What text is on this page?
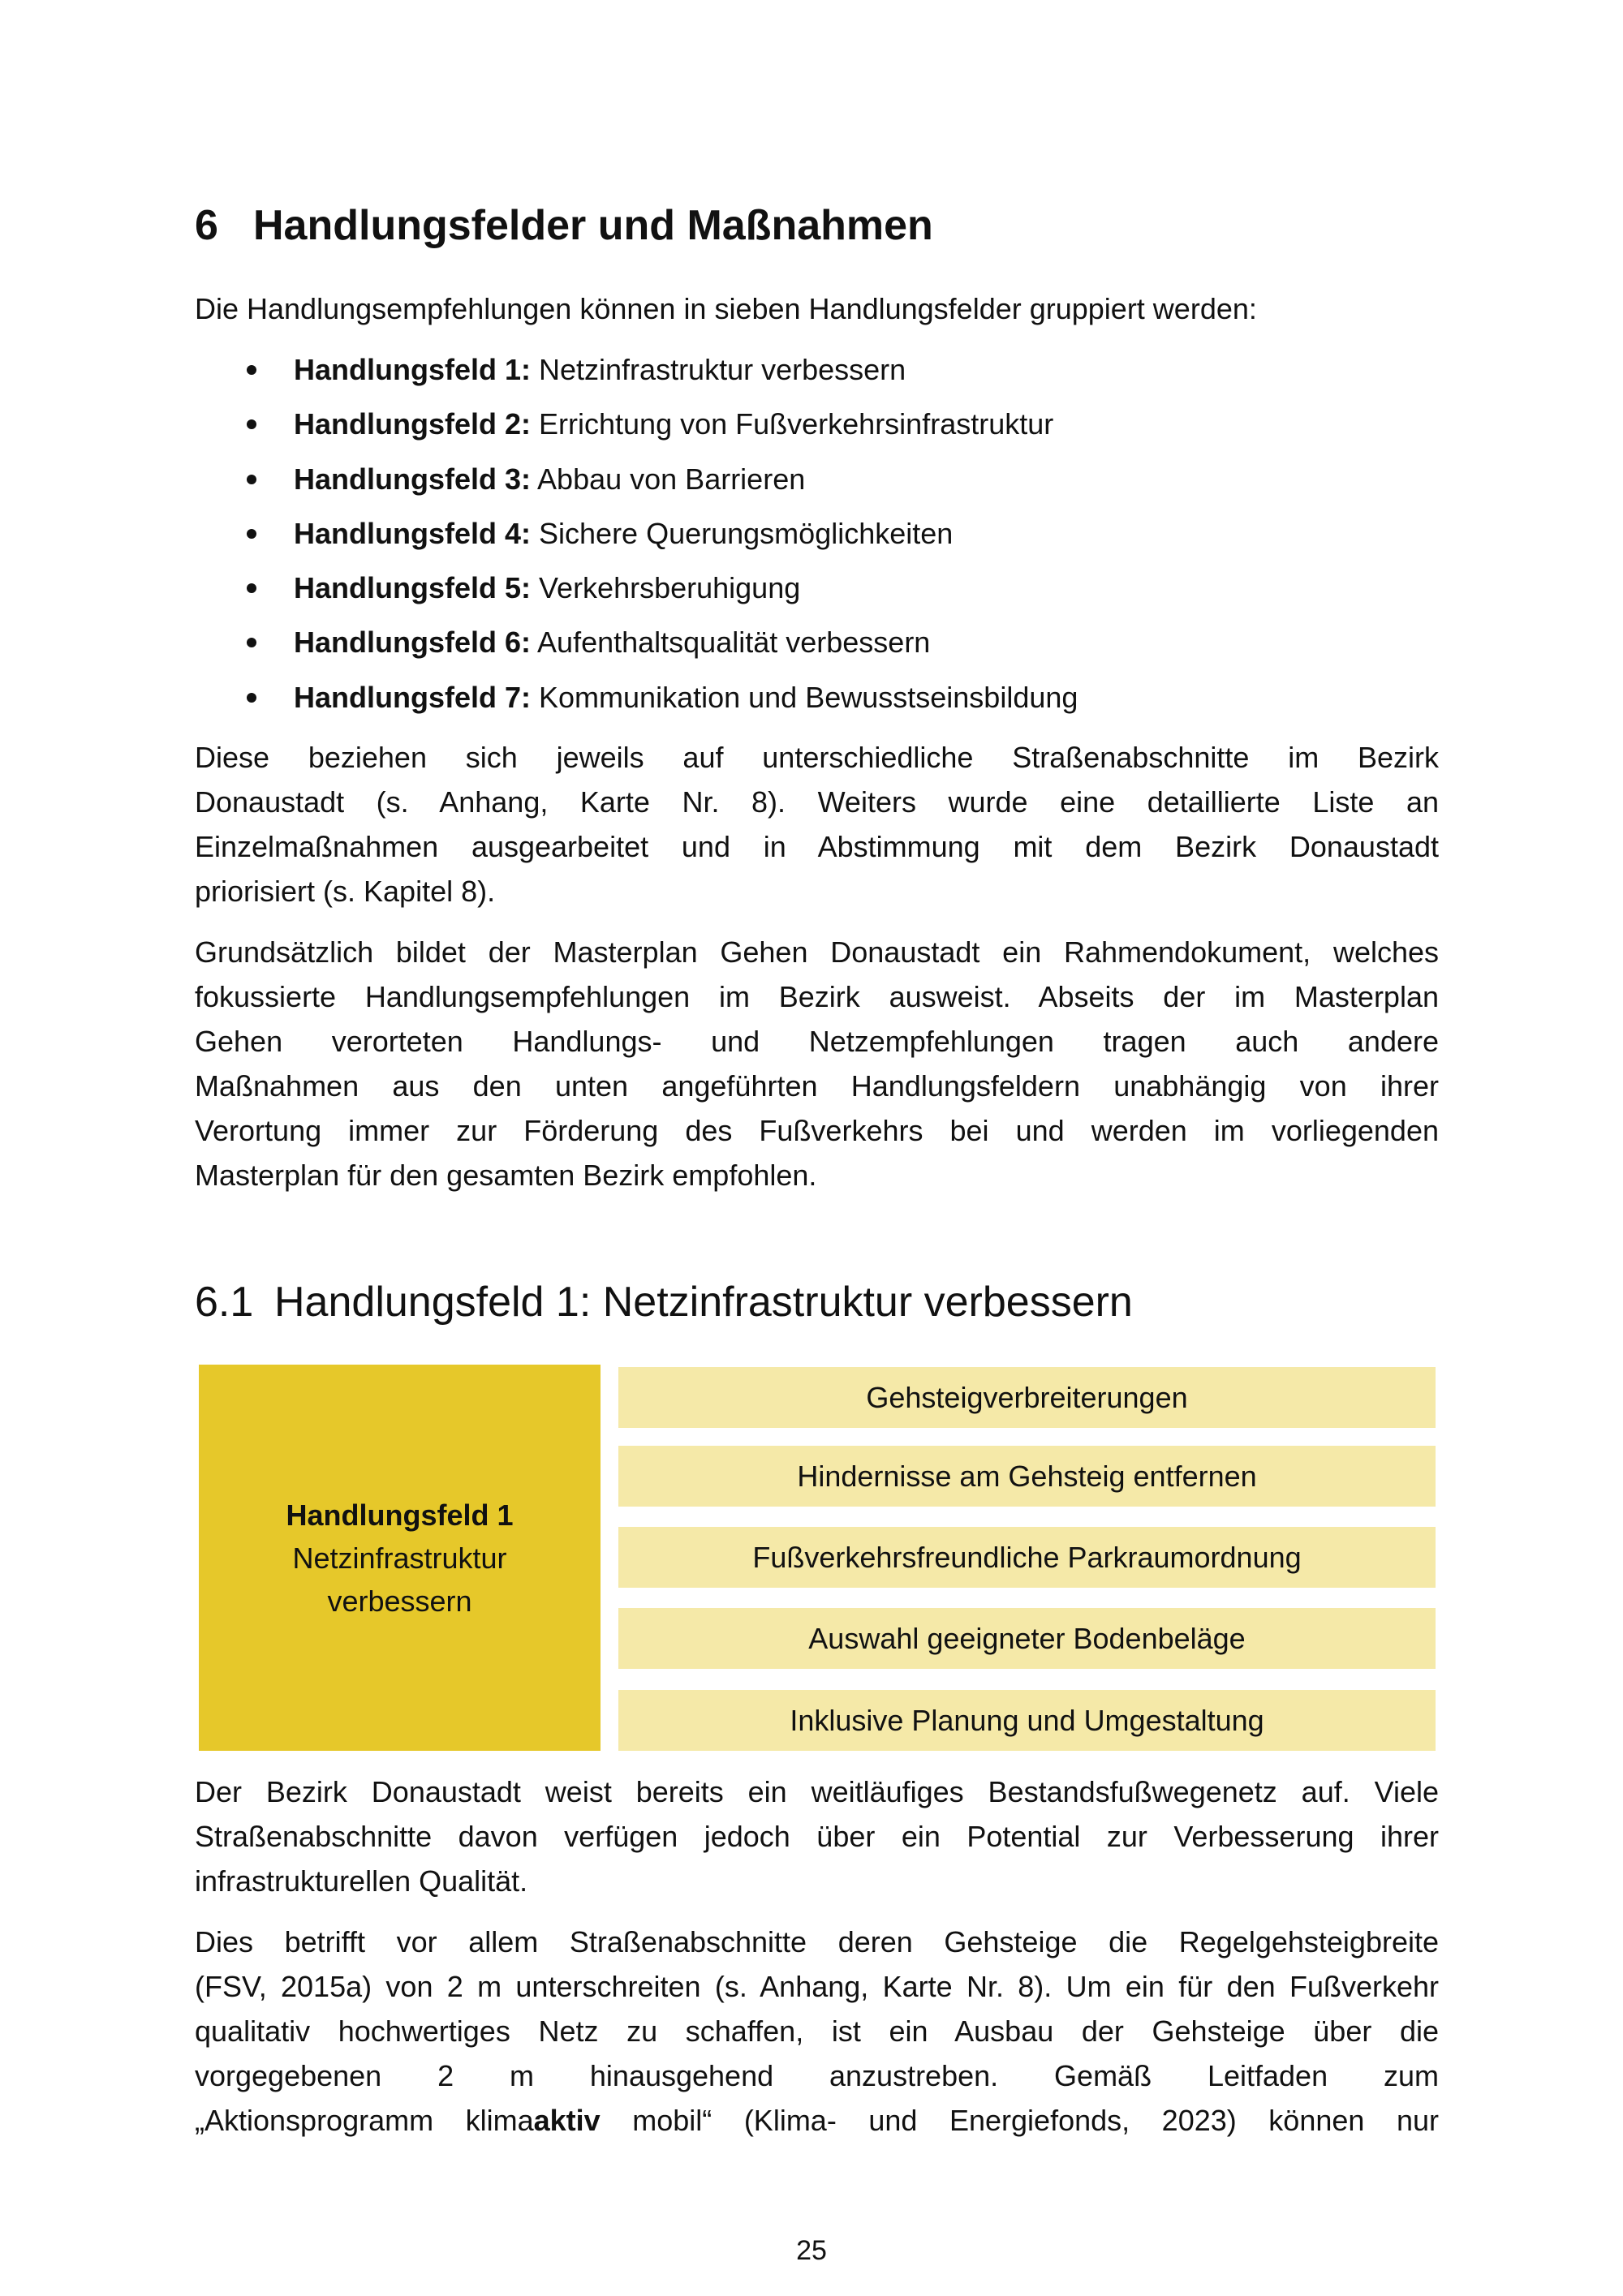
6 Handlungsfelder und Maßnahmen
Die Handlungsempfehlungen können in sieben Handlungsfelder gruppiert werden:
Handlungsfeld 1: Netzinfrastruktur verbessern
Handlungsfeld 2: Errichtung von Fußverkehrsinfrastruktur
Handlungsfeld 3: Abbau von Barrieren
Handlungsfeld 4: Sichere Querungsmöglichkeiten
Handlungsfeld 5: Verkehrsberuhigung
Handlungsfeld 6: Aufenthaltsqualität verbessern
Handlungsfeld 7: Kommunikation und Bewusstseinsbildung
Diese beziehen sich jeweils auf unterschiedliche Straßenabschnitte im Bezirk
Donaustadt (s. Anhang, Karte Nr. 8). Weiters wurde eine detaillierte Liste an
Einzelmaßnahmen ausgearbeitet und in Abstimmung mit dem Bezirk Donaustadt
priorisiert (s. Kapitel 8).
Grundsätzlich bildet der Masterplan Gehen Donaustadt ein Rahmendokument, welches
fokussierte Handlungsempfehlungen im Bezirk ausweist. Abseits der im Masterplan
Gehen verorteten Handlungs- und Netzempfehlungen tragen auch andere
Maßnahmen aus den unten angeführten Handlungsfeldern unabhängig von ihrer
Verortung immer zur Förderung des Fußverkehrs bei und werden im vorliegenden
Masterplan für den gesamten Bezirk empfohlen.
6.1 Handlungsfeld 1: Netzinfrastruktur verbessern
Handlungsfeld 1
Netzinfrastruktur
verbessern
Gehsteigverbreiterungen
Hindernisse am Gehsteig entfernen
Fußverkehrsfreundliche Parkraumordnung
Auswahl geeigneter Bodenbeläge
Inklusive Planung und Umgestaltung
Der Bezirk Donaustadt weist bereits ein weitläufiges Bestandsfußwegenetz auf. Viele
Straßenabschnitte davon verfügen jedoch über ein Potential zur Verbesserung ihrer
infrastrukturellen Qualität.
Dies betrifft vor allem Straßenabschnitte deren Gehsteige die Regelgehsteigbreite
(FSV, 2015a) von 2 m unterschreiten (s. Anhang, Karte Nr. 8). Um ein für den Fußverkehr
qualitativ hochwertiges Netz zu schaffen, ist ein Ausbau der Gehsteige über die
vorgegebenen 2 m hinausgehend anzustreben. Gemäß Leitfaden zum
„Aktionsprogramm klimaaktiv mobil“ (Klima- und Energiefonds, 2023) können nur
25
